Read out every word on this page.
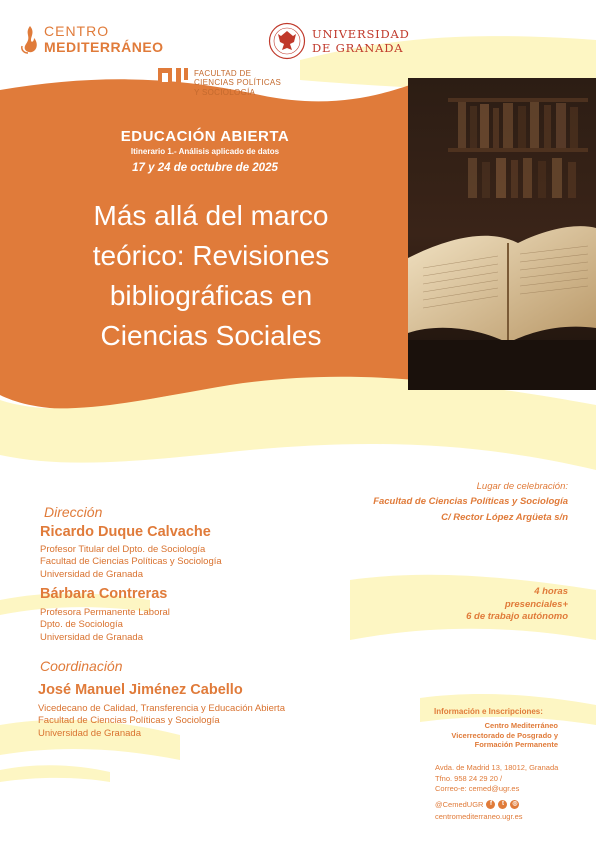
CENTRO
MEDITERRÁNEO
UNIVERSIDAD
DE GRANADA
FACULTAD DE
CIENCIAS POLÍTICAS
Y SOCIOLOGÍA
EDUCACIÓN ABIERTA
Itinerario 1.- Análisis aplicado de datos
17 y 24 de octubre de 2025
Más allá del marco
teórico: Revisiones
bibliográficas en
Ciencias Sociales
Lugar de celebración:
Facultad de Ciencias Políticas y Sociología
C/ Rector López Argüeta s/n
4 horas
presenciales+
6 de trabajo autónomo
Dirección
Ricardo Duque Calvache
Profesor Titular del Dpto. de Sociología
Facultad de Ciencias Políticas y Sociología
Universidad de Granada
Bárbara Contreras
Profesora Permanente Laboral
Dpto. de Sociología
Universidad de Granada
Coordinación
José Manuel Jiménez Cabello
Vicedecano de Calidad, Transferencia y Educación Abierta
Facultad de Ciencias Políticas y Sociología
Universidad de Granada
Información e Inscripciones:
Centro Mediterráneo
Vicerrectorado de Posgrado y
Formación Permanente
Avda. de Madrid 13, 18012, Granada
Tfno. 958 24 29 20 /
Correo-e: cemed@ugr.es
@CemedUGR	f	t	◎
centromediterraneo.ugr.es
